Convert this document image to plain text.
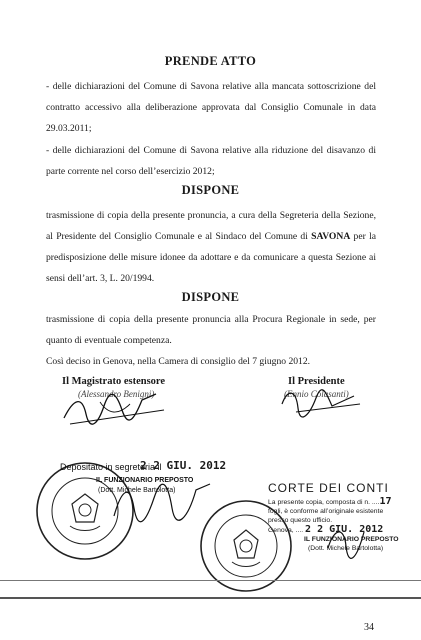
PRENDE ATTO

- delle dichiarazioni del Comune di Savona relative alla mancata sottoscrizione del contratto accessivo alla deliberazione approvata dal Consiglio Comunale in data 29.03.2011;

- delle dichiarazioni del Comune di Savona relative alla riduzione del disavanzo di parte corrente nel corso dell’esercizio 2012;

DISPONE

trasmissione di copia della presente pronuncia, a cura della Segreteria della Sezione, al Presidente del Consiglio Comunale e al Sindaco del Comune di SAVONA per la predisposizione delle misure idonee da adottare e da comunicare a questa Sezione ai sensi dell’art. 3, L. 20/1994.

DISPONE

trasmissione di copia della presente pronuncia alla Procura Regionale in sede, per quanto di eventuale competenza.

Così deciso in Genova, nella Camera di consiglio del 7 giugno 2012.

Il Magistrato estensore
(Alessandro Benigni)
Il Presidente
(Ennio Colasanti)
Depositato in segreteria il
2 2 GIU. 2012
IL FUNZIONARIO PREPOSTO
(Dott. Michele Bartolotta)	CORTE DEI CONTI
La presente copia, composta di n. ....17
fogli, è conforme all’originale esistente
presso questo ufficio.
Genova, .... 2 2 GIU. 2012
IL FUNZIONARIO PREPOSTO
(Dott. Michele Bartolotta)
34
